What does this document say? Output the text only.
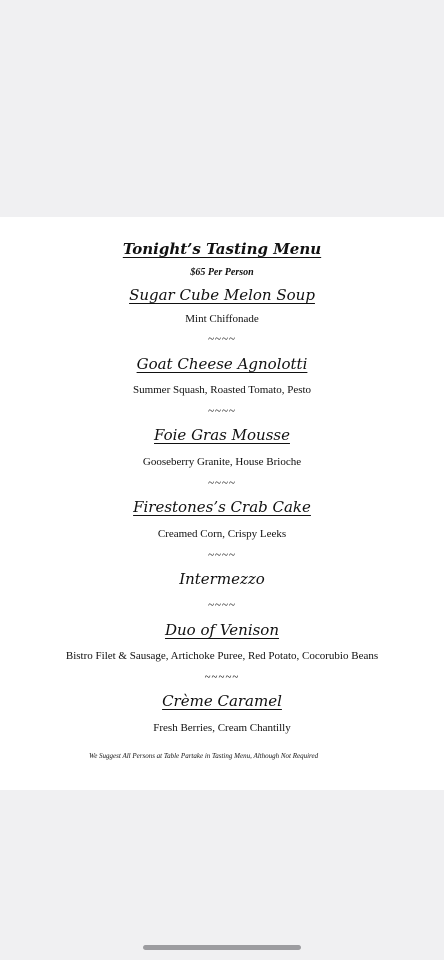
Tonight’s Tasting Menu
$65 Per Person
Sugar Cube Melon Soup
Mint Chiffonade
~~~~
Goat Cheese Agnolotti
Summer Squash, Roasted Tomato, Pesto
~~~~
Foie Gras Mousse
Gooseberry Granite, House Brioche
~~~~
Firestones’s Crab Cake
Creamed Corn, Crispy Leeks
~~~~
Intermezzo
~~~~
Duo of Venison
Bistro Filet & Sausage, Artichoke Puree, Red Potato, Cocorubio Beans
~~~~~
Crème Caramel
Fresh Berries, Cream Chantilly
We Suggest All Persons at Table Partake in Tasting Menu, Although Not Required
